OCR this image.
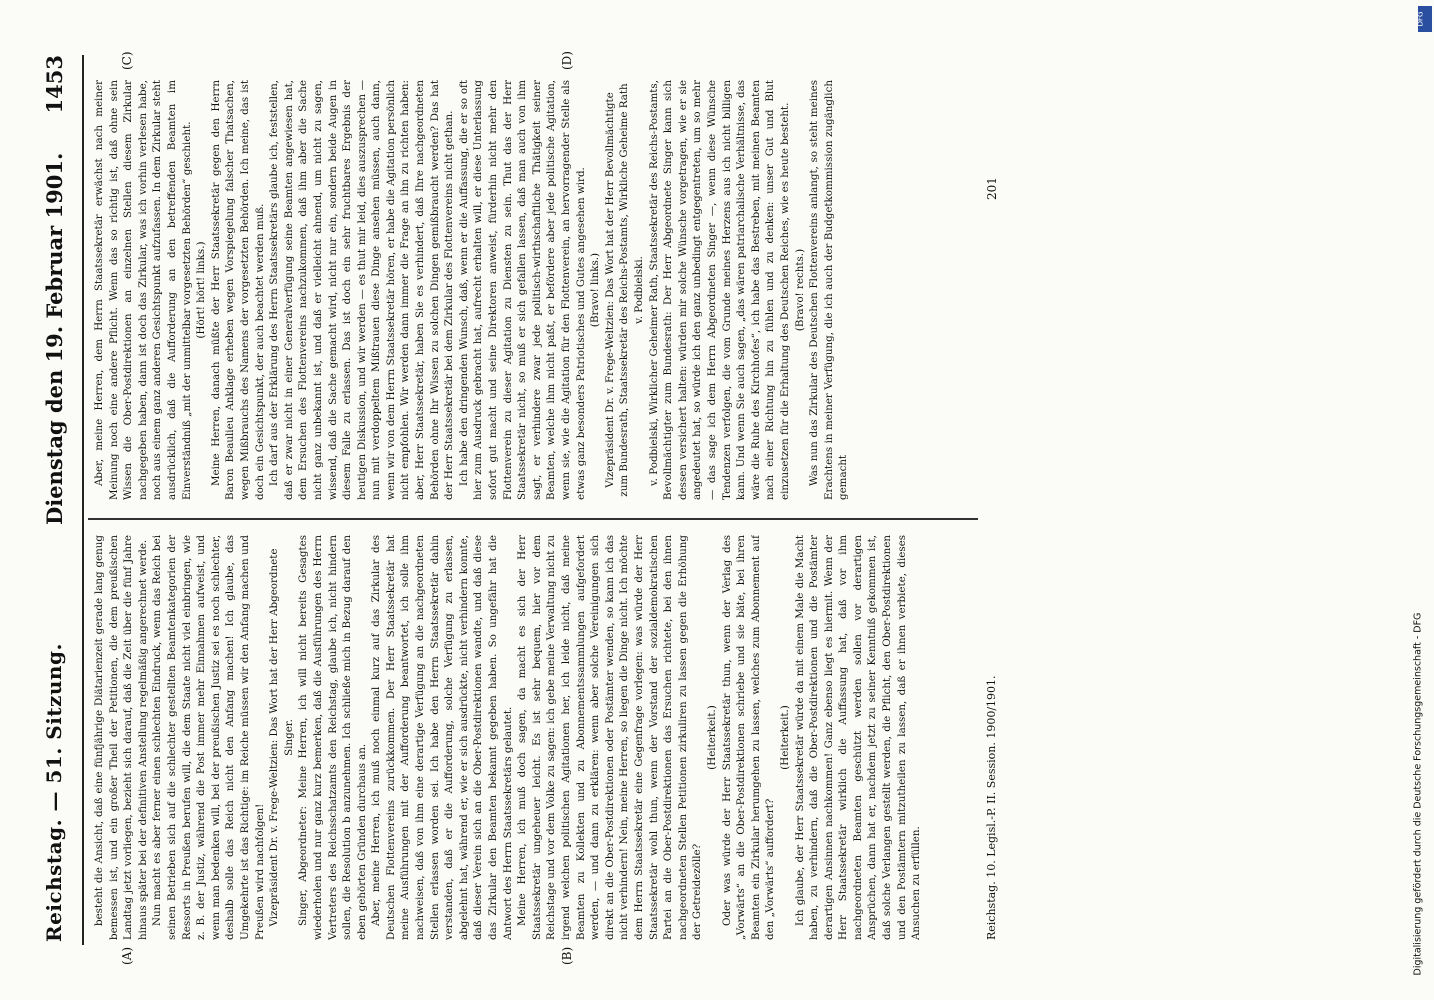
Reichstag. — 51. Sitzung.
Dienstag den 19. Februar 1901.
1453
(A)	(B)
(C)	(D)

besteht die Ansicht, daß eine fünfjährige Diätarienzeit gerade lang genug bemessen ist, und ein großer Theil der Petitionen, die dem preußischen Landtag jetzt vorliegen, bezieht sich darauf, daß die Zeit über die fünf Jahre hinaus später bei der definitiven Anstellung regelmäßig angerechnet werde. Nun macht es aber ferner einen schlechten Eindruck, wenn das Reich bei seinen Betrieben sich auf die schlechter gestellten Beamtenkategorien der Ressorts in Preußen berufen will, die dem Staate nicht viel einbringen, wie z. B. der Justiz, während die Post immer mehr Einnahmen aufweist, und wenn man bedenken will, bei der preußischen Justiz sei es noch schlechter, deshalb solle das Reich nicht den Anfang machen! Ich glaube, das Umgekehrte ist das Richtige: im Reiche müssen wir den Anfang machen und Preußen wird nachfolgen! Vizepräsident Dr. v. Frege-Weltzien: Das Wort hat der Herr Abgeordnete Singer. Singer, Abgeordneter: Meine Herren, ich will nicht bereits Gesagtes wiederholen und nur ganz kurz bemerken, daß die Ausführungen des Herrn Vertreters des Reichsschatzamts den Reichstag, glaube ich, nicht hindern sollen, die Resolution b anzunehmen. Ich schließe mich in Bezug darauf den eben gehörten Gründen durchaus an. Aber, meine Herren, ich muß noch einmal kurz auf das Zirkular des Deutschen Flottenvereins zurückkommen. Der Herr Staatssekretär hat meine Ausführungen mit der Aufforderung beantwortet, ich solle ihm nachweisen, daß von ihm eine derartige Verfügung an die nachgeordneten Stellen erlassen worden sei. Ich habe den Herrn Staatssekretär dahin verstanden, daß er die Aufforderung, solche Verfügung zu erlassen, abgelehnt hat, während er, wie er sich ausdrückte, nicht verhindern konnte, daß dieser Verein sich an die Ober-Postdirektionen wandte, und daß diese das Zirkular den Beamten bekannt gegeben haben. So ungefähr hat die Antwort des Herrn Staatssekretärs gelautet. Meine Herren, ich muß doch sagen, da macht es sich der Herr Staatssekretär ungeheuer leicht. Es ist sehr bequem, hier vor dem Reichstage und vor dem Volke zu sagen: ich gebe meine Verwaltung nicht zu irgend welchen politischen Agitationen her, ich leide nicht, daß meine Beamten zu Kollekten und zu Abonnementssammlungen aufgefordert werden, — und dann zu erklären: wenn aber solche Vereinigungen sich direkt an die Ober-Postdirektionen oder Postämter wenden, so kann ich das nicht verhindern! Nein, meine Herren, so liegen die Dinge nicht. Ich möchte dem Herrn Staatssekretär eine Gegenfrage vorlegen: was würde der Herr Staatssekretär wohl thun, wenn der Vorstand der sozialdemokratischen Partei an die Ober-Postdirektionen das Ersuchen richtete, bei den ihnen nachgeordneten Stellen Petitionen zirkuliren zu lassen gegen die Erhöhung der Getreidezölle?

(Heiterkeit.) Oder was würde der Herr Staatssekretär thun, wenn der Verlag des „Vorwärts“ an die Ober-Postdirektionen schriebe und sie bäte, bei ihren Beamten ein Zirkular herumgehen zu lassen, welches zum Abonnement auf den „Vorwärts“ auffordert?

(Heiterkeit.) Ich glaube, der Herr Staatssekretär würde da mit einem Male die Macht haben, zu verhindern, daß die Ober-Postdirektionen und die Postämter derartigen Ansinnen nachkommen! Ganz ebenso liegt es hiermit. Wenn der Herr Staatssekretär wirklich die Auffassung hat, daß vor ihm nachgeordneten Beamten geschützt werden sollen vor derartigen Ansprüchen, dann hat er, nachdem jetzt zu seiner Kenntniß gekommen ist, daß solche Verlangen gestellt werden, die Pflicht, den Ober-Postdirektionen und den Postämtern mitzutheilen zu lassen, daß er ihnen verbiete, dieses Ansuchen zu erfüllen.

Aber, meine Herren, dem Herrn Staatssekretär erwächst nach meiner Meinung noch eine andere Pflicht. Wenn das so richtig ist, daß ohne sein Wissen die Ober-Postdirektionen an einzelnen Stellen diesem Zirkular nachgegeben haben, dann ist doch das Zirkular, was ich vorhin verlesen habe, noch aus einem ganz anderen Gesichtspunkt aufzufassen. In dem Zirkular steht ausdrücklich, daß die Aufforderung an den betreffenden Beamten im Einverständniß „mit der unmittelbar vorgesetzten Behörden“ geschieht. (Hört! hört! links.) Meine Herren, danach müßte der Herr Staatssekretär gegen den Herrn Baron Beaulieu Anklage erheben wegen Vorspiegelung falscher Thatsachen, wegen Mißbrauchs des Namens der vorgesetzten Behörden. Ich meine, das ist doch ein Gesichtspunkt, der auch beachtet werden muß. Ich darf aus der Erklärung des Herrn Staatssekretärs glaube ich, feststellen, daß er zwar nicht in einer Generalverfügung seine Beamten angewiesen hat, dem Ersuchen des Flottenvereins nachzukommen, daß ihm aber die Sache nicht ganz unbekannt ist, und daß er vielleicht ahnend, um nicht zu sagen, wissend, daß die Sache gemacht wird, nicht nur ein, sondern beide Augen in diesem Falle zu erlassen. Das ist doch ein sehr fruchtbares Ergebnis der heutigen Diskussion, und wir werden — es thut mir leid, dies auszusprechen — nun mit verdoppeltem Mißtrauen diese Dinge ansehen müssen, auch dann, wenn wir von dem Herrn Staatssekretär hören, er habe die Agitation persönlich nicht empfohlen. Wir werden dann immer die Frage an ihn zu richten haben: aber, Herr Staatssekretär, haben Sie es verhindert, daß Ihre nachgeordneten Behörden ohne Ihr Wissen zu solchen Dingen gemißbraucht werden? Das hat der Herr Staatssekretär bei dem Zirkular des Flottenvereins nicht gethan. Ich habe den dringenden Wunsch, daß, wenn er die Auffassung, die er so oft hier zum Ausdruck gebracht hat, aufrecht erhalten will, er diese Unterlassung sofort gut macht und seine Direktoren anweist, fürderhin nicht mehr den Flottenverein zu dieser Agitation zu Diensten zu sein. Thut das der Herr Staatssekretär nicht, so muß er sich gefallen lassen, daß man auch von ihm sagt, er verhindere zwar jede politisch-wirthschaftliche Thätigkeit seiner Beamten, welche ihm nicht paßt, er befördere aber jede politische Agitation, wenn sie, wie die Agitation für den Flottenverein, an hervorragender Stelle als etwas ganz besonders Patriotisches und Gutes angesehen wird. (Bravo! links.) Vizepräsident Dr. v. Frege-Weltzien: Das Wort hat der Herr Bevollmächtigte zum Bundesrath, Staatssekretär des Reichs-Postamts, Wirkliche Geheime Rath v. Podbielski. v. Podbielski, Wirklicher Geheimer Rath, Staatssekretär des Reichs-Postamts, Bevollmächtigter zum Bundesrath: Der Herr Abgeordnete Singer kann sich dessen versichert halten: würden mir solche Wünsche vorgetragen, wie er sie angedeutet hat, so würde ich den ganz unbedingt entgegentreten, um so mehr — das sage ich dem Herrn Abgeordneten Singer —, wenn diese Wünsche Tendenzen verfolgen, die vom Grunde meines Herzens aus ich nicht billigen kann. Und wenn Sie auch sagen, „das wären patriarchalische Verhältnisse, das wäre die Ruhe des Kirchhofes“, ich habe das Bestreben, mit meinen Beamten nach einer Richtung hin zu fühlen und zu denken: unser Gut und Blut einzusetzen für die Erhaltung des Deutschen Reiches, wie es heute besteht. (Bravo! rechts.) Was nun das Zirkular des Deutschen Flottenvereins anlangt, so steht meines Erachtens in meiner Verfügung, die ich auch der Budgetkommission zugänglich gemacht

Reichstag. 10. Legisl.-P. II. Session. 1900/1901.
201
Digitalisierung gefördert durch die Deutsche Forschungsgemeinschaft - DFG
DFG
